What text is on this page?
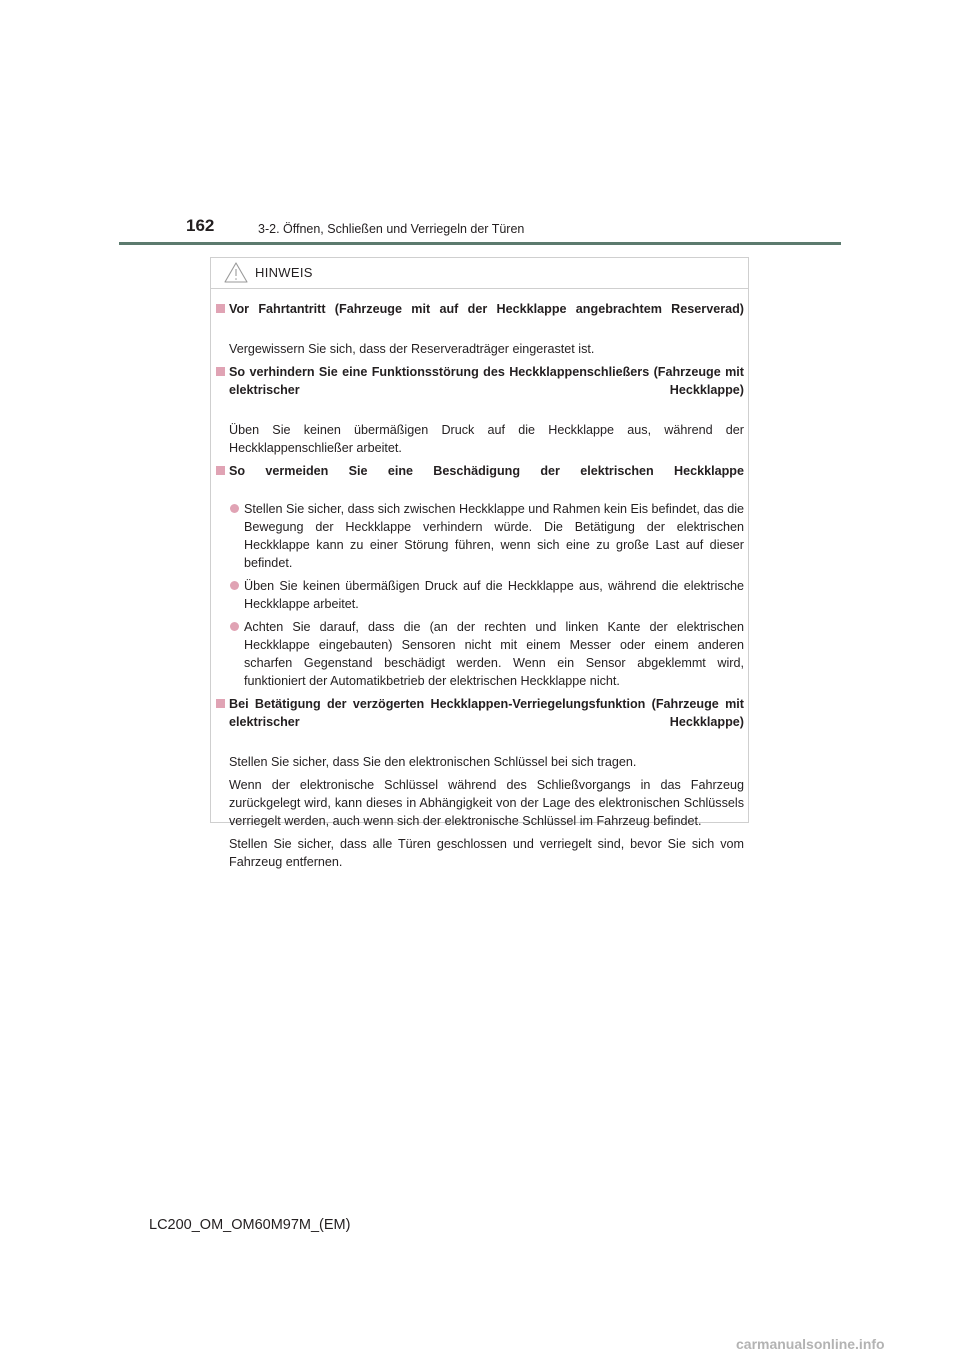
162	3-2. Öffnen, Schließen und Verriegeln der Türen
HINWEIS
Vor Fahrtantritt (Fahrzeuge mit auf der Heckklappe angebrachtem Reserverad)

Vergewissern Sie sich, dass der Reserveradträger eingerastet ist.

So verhindern Sie eine Funktionsstörung des Heckklappenschließers (Fahrzeuge mit elektrischer Heckklappe)

Üben Sie keinen übermäßigen Druck auf die Heckklappe aus, während der Heckklappenschließer arbeitet.

So vermeiden Sie eine Beschädigung der elektrischen Heckklappe
Stellen Sie sicher, dass sich zwischen Heckklappe und Rahmen kein Eis befindet, das die Bewegung der Heckklappe verhindern würde. Die Betätigung der elektrischen Heckklappe kann zu einer Störung führen, wenn sich eine zu große Last auf dieser befindet.
Üben Sie keinen übermäßigen Druck auf die Heckklappe aus, während die elektrische Heckklappe arbeitet.
Achten Sie darauf, dass die (an der rechten und linken Kante der elektrischen Heckklappe eingebauten) Sensoren nicht mit einem Messer oder einem anderen scharfen Gegenstand beschädigt werden. Wenn ein Sensor abgeklemmt wird, funktioniert der Automatikbetrieb der elektrischen Heckklappe nicht.
Bei Betätigung der verzögerten Heckklappen-Verriegelungsfunktion (Fahrzeuge mit elektrischer Heckklappe)

Stellen Sie sicher, dass Sie den elektronischen Schlüssel bei sich tragen.

Wenn der elektronische Schlüssel während des Schließvorgangs in das Fahrzeug zurückgelegt wird, kann dieses in Abhängigkeit von der Lage des elektronischen Schlüssels verriegelt werden, auch wenn sich der elektronische Schlüssel im Fahrzeug befindet.

Stellen Sie sicher, dass alle Türen geschlossen und verriegelt sind, bevor Sie sich vom Fahrzeug entfernen.

LC200_OM_OM60M97M_(EM)
carmanualsonline.info
